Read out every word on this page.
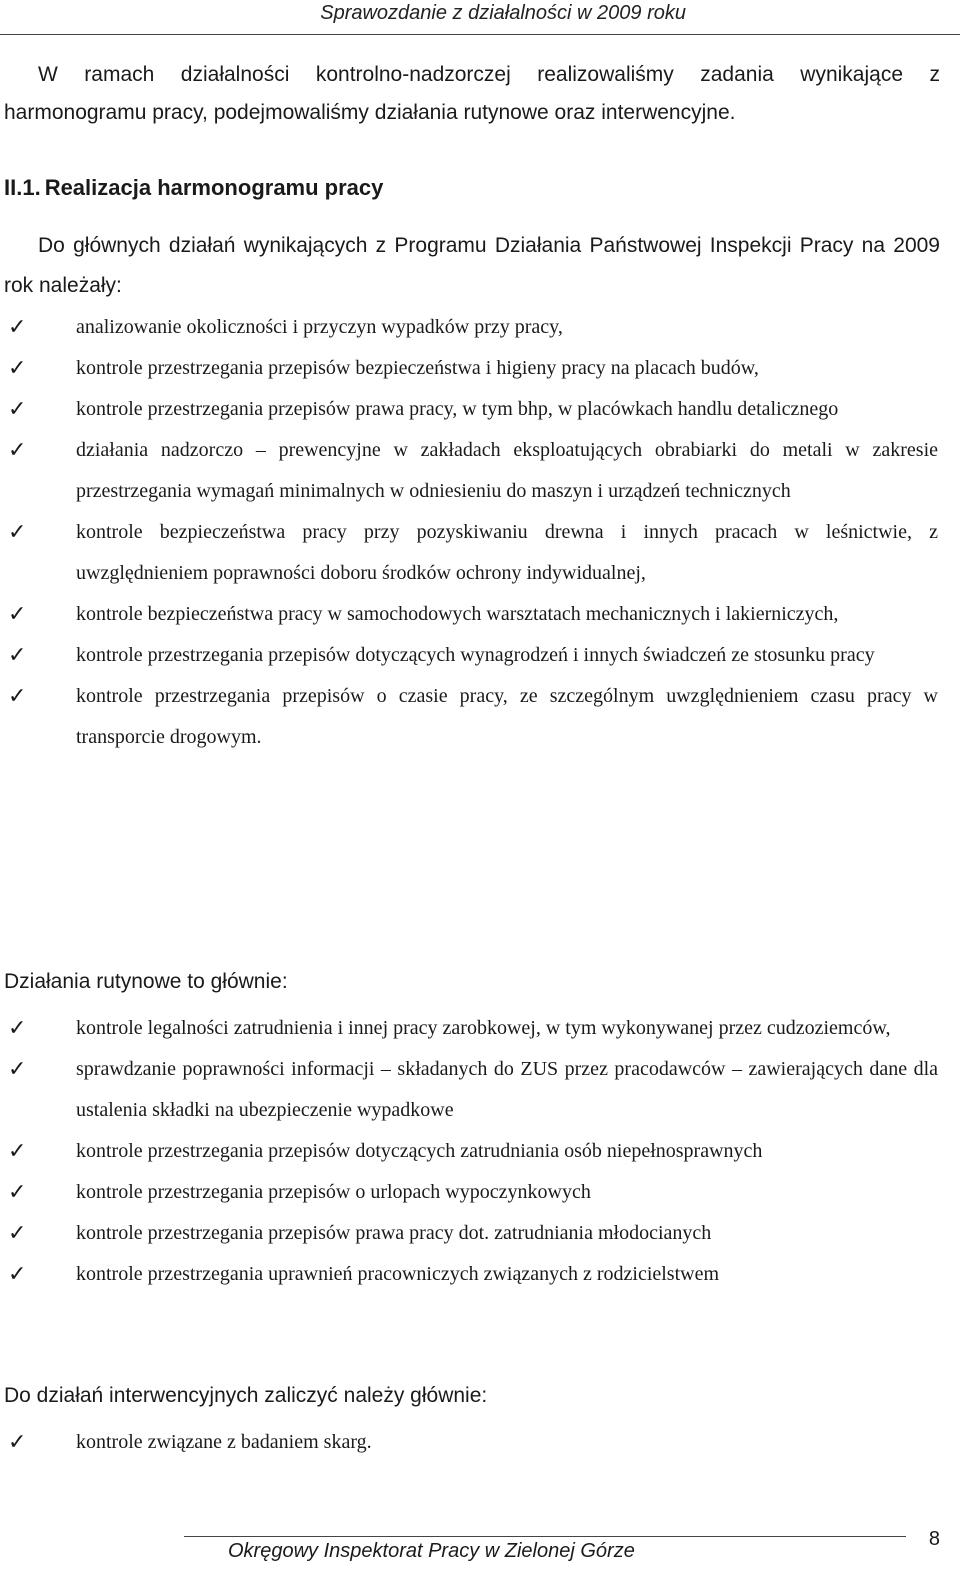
Sprawozdanie z działalności w 2009 roku

W ramach działalności kontrolno-nadzorczej realizowaliśmy zadania wynikające z harmonogramu pracy, podejmowaliśmy działania rutynowe oraz interwencyjne.

II.1. Realizacja harmonogramu pracy

Do głównych działań wynikających z Programu Działania Państwowej Inspekcji Pracy na 2009 rok należały:

✓	analizowanie okoliczności i przyczyn wypadków przy pracy,
✓	kontrole przestrzegania przepisów bezpieczeństwa i higieny pracy na placach budów,
✓	kontrole przestrzegania przepisów prawa pracy, w tym bhp, w placówkach handlu detalicznego
✓	działania nadzorczo – prewencyjne w zakładach eksploatujących obrabiarki do metali w zakresie przestrzegania wymagań minimalnych w odniesieniu do maszyn i urządzeń technicznych
✓	kontrole bezpieczeństwa pracy przy pozyskiwaniu drewna i innych pracach w leśnictwie, z uwzględnieniem poprawności doboru środków ochrony indywidualnej,
✓	kontrole bezpieczeństwa pracy w samochodowych warsztatach mechanicznych i lakierniczych,
✓	kontrole przestrzegania przepisów dotyczących wynagrodzeń i innych świadczeń ze stosunku pracy
✓	kontrole przestrzegania przepisów o czasie pracy, ze szczególnym uwzględnieniem czasu pracy w transporcie drogowym.
Działania rutynowe to głównie:
✓	kontrole legalności zatrudnienia i innej pracy zarobkowej, w tym wykonywanej przez cudzoziemców,
✓	sprawdzanie poprawności informacji – składanych do ZUS przez pracodawców – zawierających dane dla ustalenia składki na ubezpieczenie wypadkowe
✓	kontrole przestrzegania przepisów dotyczących zatrudniania osób niepełnosprawnych
✓	kontrole przestrzegania przepisów o urlopach wypoczynkowych
✓	kontrole przestrzegania przepisów prawa pracy dot. zatrudniania młodocianych
✓	kontrole przestrzegania uprawnień pracowniczych związanych z rodzicielstwem
Do działań interwencyjnych zaliczyć należy głównie:
✓	kontrole związane z badaniem skarg.
Okręgowy Inspektorat Pracy w Zielonej Górze
8
